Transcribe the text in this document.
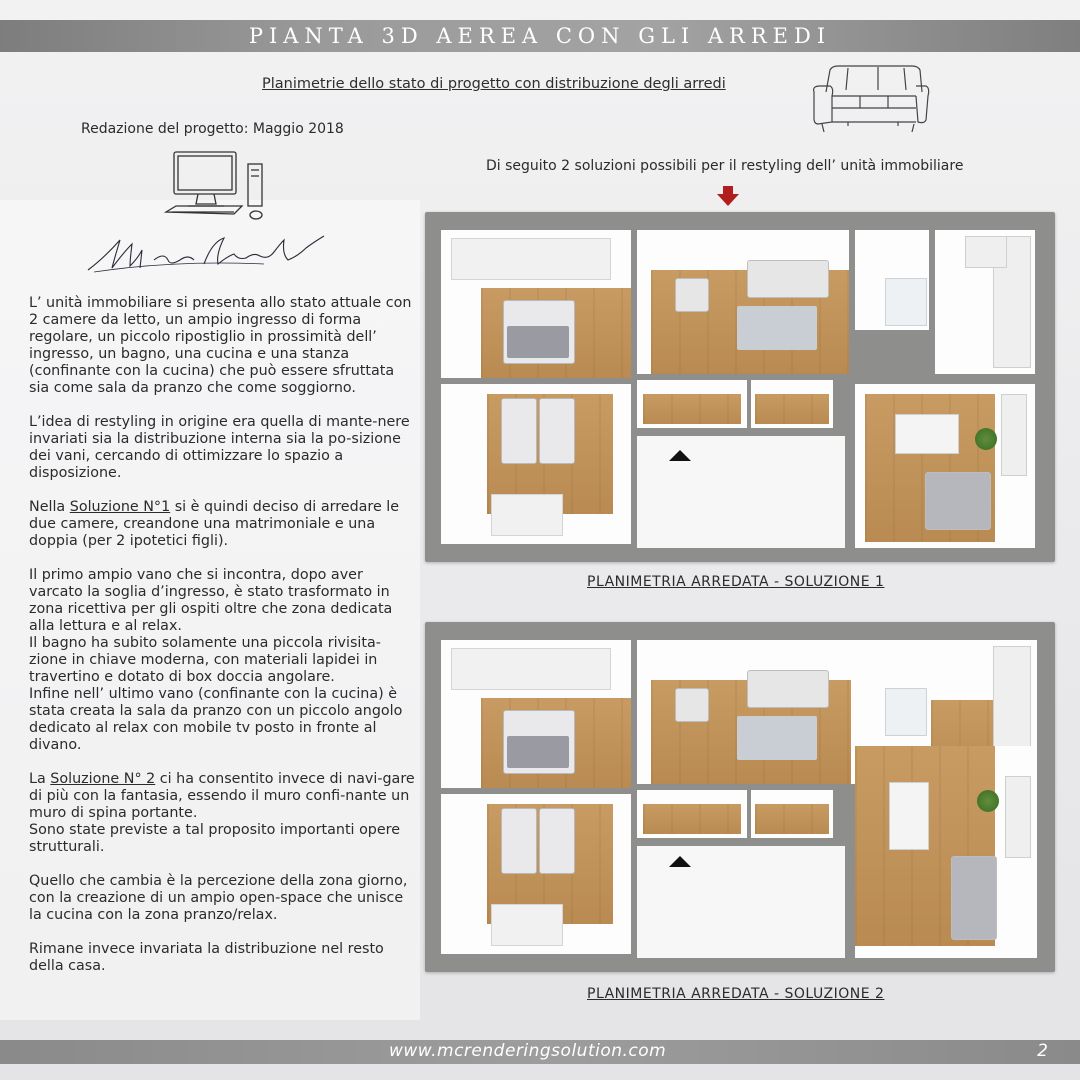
PIANTA 3D AEREA CON GLI ARREDI
Planimetrie dello stato di progetto con distribuzione degli arredi
Redazione del progetto: Maggio 2018
Di seguito 2 soluzioni possibili per il restyling dell’ unità immobiliare

L’ unità immobiliare si presenta allo stato attuale con 2 camere da letto, un ampio ingresso di forma regolare, un piccolo ripostiglio in prossimità dell’ ingresso, un bagno, una cucina e una stanza (confinante con la cucina) che può essere sfruttata sia come sala da pranzo che come soggiorno.

L’idea di restyling in origine era quella di mante-nere invariati sia la distribuzione interna sia la po-sizione dei vani, cercando di ottimizzare lo spazio a disposizione.

Nella Soluzione N°1 si è quindi deciso di arredare le due camere, creandone una matrimoniale e una doppia (per 2 ipotetici figli).

Il primo ampio vano che si incontra, dopo aver varcato la soglia d’ingresso, è stato trasformato in zona ricettiva per gli ospiti oltre che zona dedicata alla lettura e al relax.

Il bagno ha subito solamente una piccola rivisita-zione in chiave moderna, con materiali lapidei in travertino e dotato di box doccia angolare.

Infine nell’ ultimo vano (confinante con la cucina) è stata creata la sala da pranzo con un piccolo angolo dedicato al relax con mobile tv posto in fronte al divano.

La Soluzione N° 2 ci ha consentito invece di navi-gare di più con la fantasia, essendo il muro confi-nante un muro di spina portante.

Sono state previste a tal proposito importanti opere strutturali.

Quello che cambia è la percezione della zona giorno, con la creazione di un ampio open-space che unisce la cucina con la zona pranzo/relax.

Rimane invece invariata la distribuzione nel resto della casa.

PLANIMETRIA ARREDATA - SOLUZIONE 1
PLANIMETRIA ARREDATA - SOLUZIONE 2
www.mcrenderingsolution.com	2
